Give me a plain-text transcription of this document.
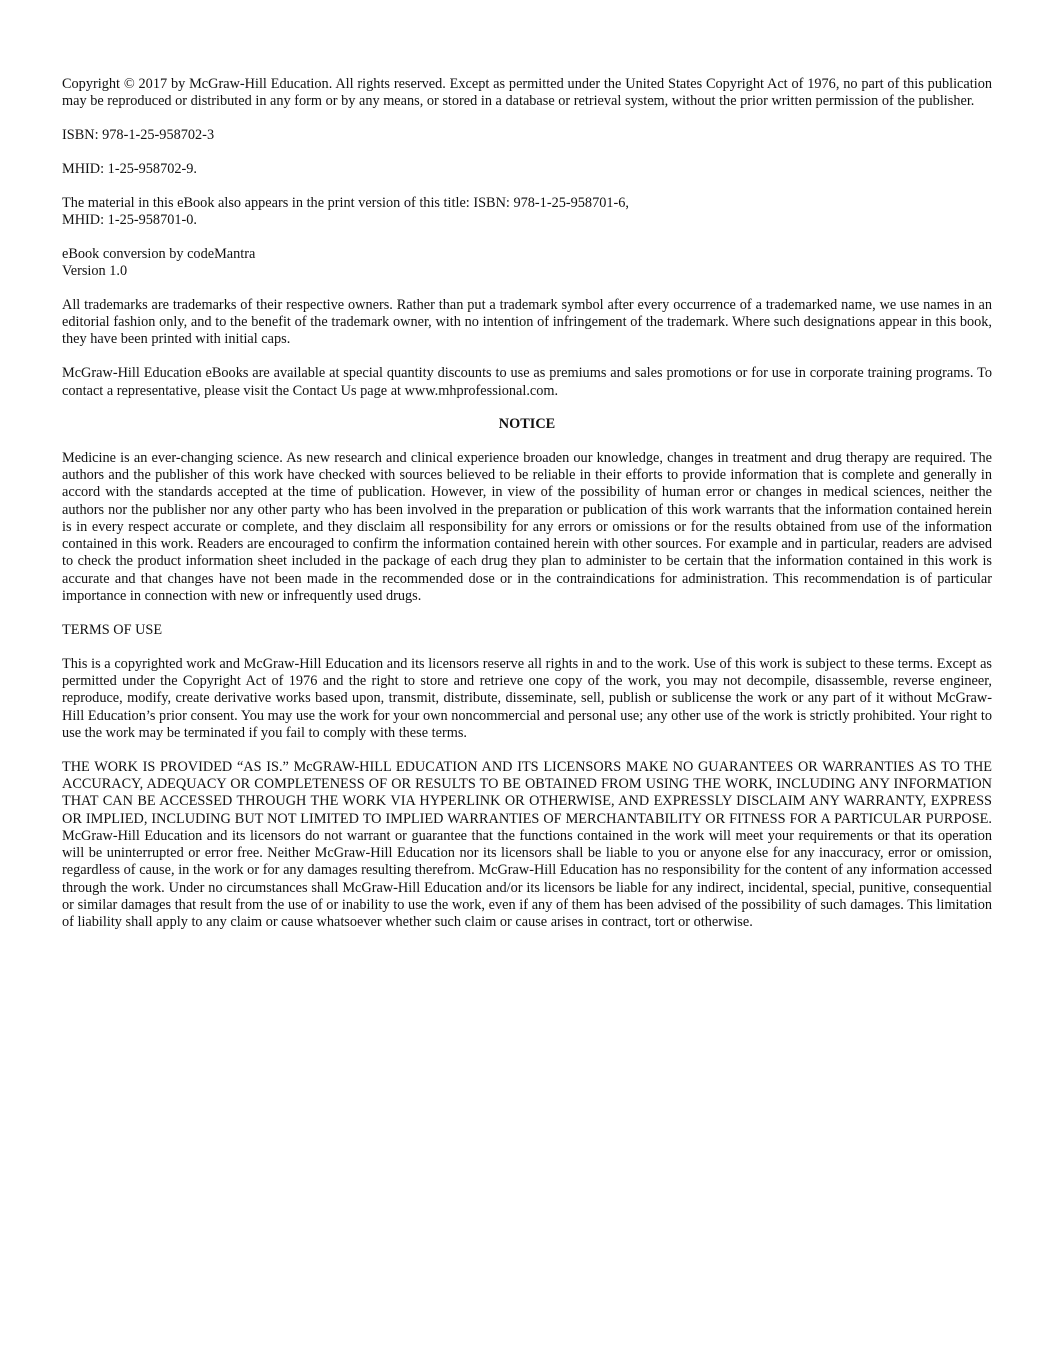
Copyright © 2017 by McGraw-Hill Education. All rights reserved. Except as permitted under the United States Copyright Act of 1976, no part of this publication may be reproduced or distributed in any form or by any means, or stored in a database or retrieval system, without the prior written permission of the publisher.

ISBN: 978-1-25-958702-3

MHID: 1-25-958702-9.

The material in this eBook also appears in the print version of this title: ISBN: 978-1-25-958701-6,
MHID: 1-25-958701-0.

eBook conversion by codeMantra
Version 1.0

All trademarks are trademarks of their respective owners. Rather than put a trademark symbol after every occurrence of a trademarked name, we use names in an editorial fashion only, and to the benefit of the trademark owner, with no intention of infringement of the trademark. Where such designations appear in this book, they have been printed with initial caps.

McGraw-Hill Education eBooks are available at special quantity discounts to use as premiums and sales promotions or for use in corporate training programs. To contact a representative, please visit the Contact Us page at www.mhprofessional.com.

NOTICE

Medicine is an ever-changing science. As new research and clinical experience broaden our knowledge, changes in treatment and drug therapy are required. The authors and the publisher of this work have checked with sources believed to be reliable in their efforts to provide information that is complete and generally in accord with the standards accepted at the time of publication. However, in view of the possibility of human error or changes in medical sciences, neither the authors nor the publisher nor any other party who has been involved in the preparation or publication of this work warrants that the information contained herein is in every respect accurate or complete, and they disclaim all responsibility for any errors or omissions or for the results obtained from use of the information contained in this work. Readers are encouraged to confirm the information contained herein with other sources. For example and in particular, readers are advised to check the product information sheet included in the package of each drug they plan to administer to be certain that the information contained in this work is accurate and that changes have not been made in the recommended dose or in the contraindications for administration. This recommendation is of particular importance in connection with new or infrequently used drugs.

TERMS OF USE

This is a copyrighted work and McGraw-Hill Education and its licensors reserve all rights in and to the work. Use of this work is subject to these terms. Except as permitted under the Copyright Act of 1976 and the right to store and retrieve one copy of the work, you may not decompile, disassemble, reverse engineer, reproduce, modify, create derivative works based upon, transmit, distribute, disseminate, sell, publish or sublicense the work or any part of it without McGraw-Hill Education’s prior consent. You may use the work for your own noncommercial and personal use; any other use of the work is strictly prohibited. Your right to use the work may be terminated if you fail to comply with these terms.

THE WORK IS PROVIDED “AS IS.” McGRAW-HILL EDUCATION AND ITS LICENSORS MAKE NO GUARANTEES OR WARRANTIES AS TO THE ACCURACY, ADEQUACY OR COMPLETENESS OF OR RESULTS TO BE OBTAINED FROM USING THE WORK, INCLUDING ANY INFORMATION THAT CAN BE ACCESSED THROUGH THE WORK VIA HYPERLINK OR OTHERWISE, AND EXPRESSLY DISCLAIM ANY WARRANTY, EXPRESS OR IMPLIED, INCLUDING BUT NOT LIMITED TO IMPLIED WARRANTIES OF MERCHANTABILITY OR FITNESS FOR A PARTICULAR PURPOSE. McGraw-Hill Education and its licensors do not warrant or guarantee that the functions contained in the work will meet your requirements or that its operation will be uninterrupted or error free. Neither McGraw-Hill Education nor its licensors shall be liable to you or anyone else for any inaccuracy, error or omission, regardless of cause, in the work or for any damages resulting therefrom. McGraw-Hill Education has no responsibility for the content of any information accessed through the work. Under no circumstances shall McGraw-Hill Education and/or its licensors be liable for any indirect, incidental, special, punitive, consequential or similar damages that result from the use of or inability to use the work, even if any of them has been advised of the possibility of such damages. This limitation of liability shall apply to any claim or cause whatsoever whether such claim or cause arises in contract, tort or otherwise.
